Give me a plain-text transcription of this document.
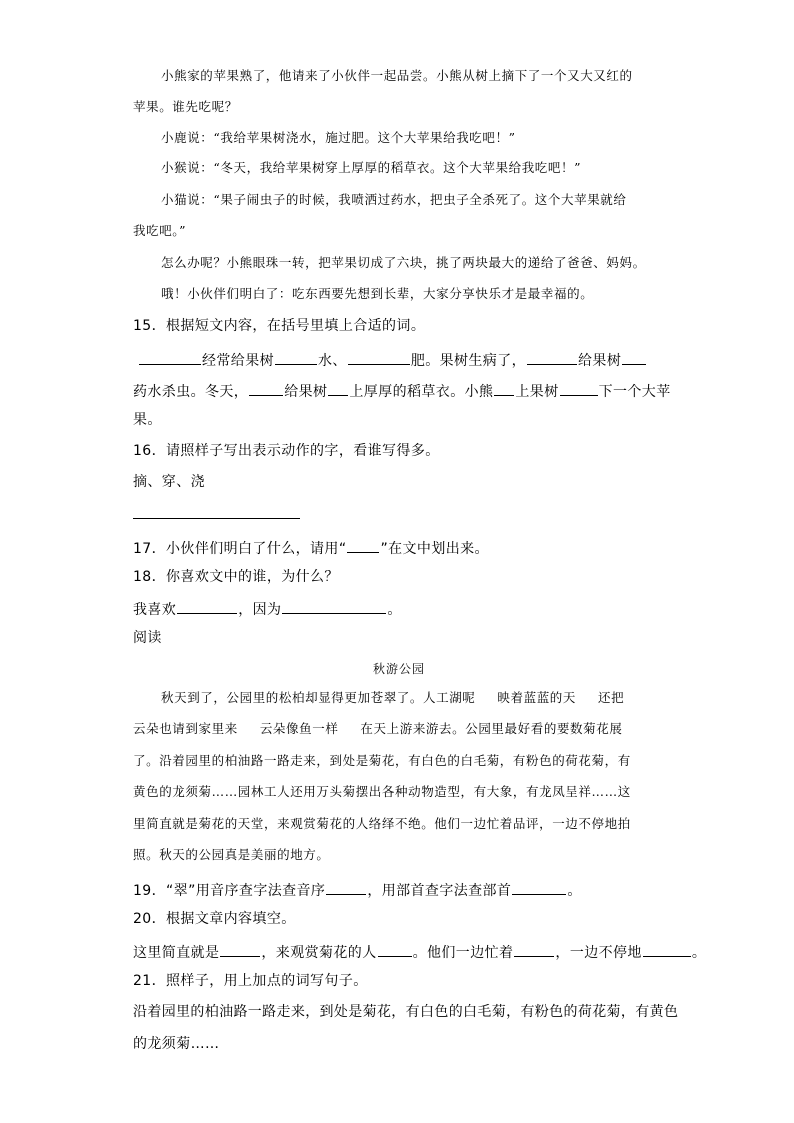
小熊家的苹果熟了，他请来了小伙伴一起品尝。小熊从树上摘下了一个又大又红的
苹果。谁先吃呢？
小鹿说：“我给苹果树浇水，施过肥。这个大苹果给我吃吧！”
小猴说：“冬天，我给苹果树穿上厚厚的稻草衣。这个大苹果给我吃吧！”
小猫说：“果子闹虫子的时候，我喷洒过药水，把虫子全杀死了。这个大苹果就给
我吃吧。”
怎么办呢？小熊眼珠一转，把苹果切成了六块，挑了两块最大的递给了爸爸、妈妈。
哦！小伙伴们明白了：吃东西要先想到长辈，大家分享快乐才是最幸福的。
15．根据短文内容，在括号里填上合适的词。
经常给果树	水、	肥。果树生病了，	给果树
药水杀虫。冬天，	给果树 上厚厚的稻草衣。小熊 上果树	下一个大苹
果。
16．请照样子写出表示动作的字，看谁写得多。
摘、穿、浇
17．小伙伴们明白了什么，请用“ ”在文中划出来。
18．你喜欢文中的谁，为什么？
我喜欢	，因为	。
阅读
秋游公园
秋天到了，公园里的松柏却显得更加苍翠了。人工湖呢 映着蓝蓝的天 还把
云朵也请到家里来 云朵像鱼一样 在天上游来游去。公园里最好看的要数菊花展
了。沿着园里的柏油路一路走来，到处是菊花，有白色的白毛菊，有粉色的荷花菊，有
黄色的龙须菊……园林工人还用万头菊摆出各种动物造型，有大象，有龙凤呈祥……这
里简直就是菊花的天堂，来观赏菊花的人络绎不绝。他们一边忙着品评，一边不停地拍
照。秋天的公园真是美丽的地方。
19．“翠”用音序查字法查音序	，用部首查字法查部首	。
20．根据文章内容填空。
这里简直就是	，来观赏菊花的人	。他们一边忙着	，一边不停地	。
21．照样子，用上加点的词写句子。
沿着园里的柏油路一路走来，到处是菊花，有白色的白毛菊，有粉色的荷花菊，有黄色
的龙须菊……
